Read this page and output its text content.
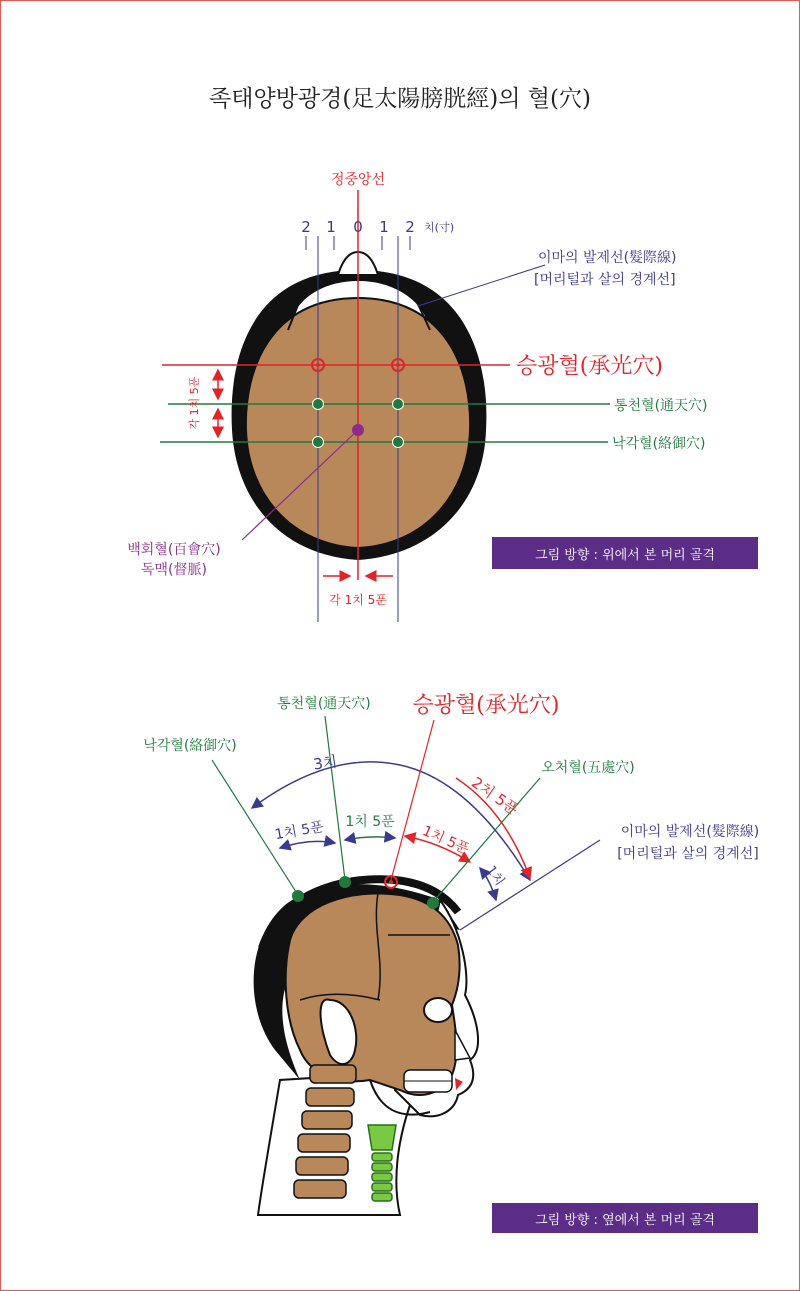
족태양방광경(足太陽膀胱經)의 혈(穴)
정중앙선
2 1 0 1 2 치(寸)
이마의 발제선(髮際線)
[머리털과 살의 경계선]
승광혈(承光穴)
통천혈(通天穴)
낙각혈(絡御穴)
각 1치 5푼
각 1치 5푼
백회혈(百會穴)
독맥(督脈)
통천혈(通天穴) 승광혈(承光穴)
낙각혈(絡御穴)
오처혈(五處穴)
이마의 발제선(髮際線)
[머리털과 살의 경계선]
3치
2치 5푼
1치 5푼 1치 5푼
1치 5푼
1치
그림 방향 : 위에서 본 머리 골격
그림 방향 : 옆에서 본 머리 골격
